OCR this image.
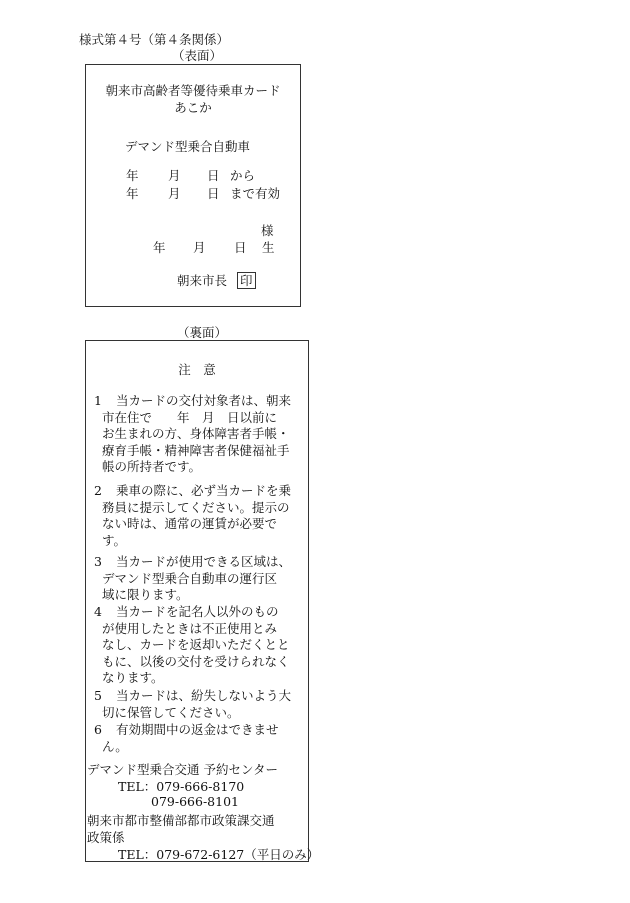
様式第４号（第４条関係）
（表面）
朝来市高齢者等優待乗車カード
あこか
デマンド型乗合自動車
年 月 日 から
年 月 日 まで有効
様
年 月 日 生
朝来市長 印
（裏面）
注　意
1 当カードの交付対象者は、朝来
市在住で　　年　月　日以前に
お生まれの方、身体障害者手帳・
療育手帳・精神障害者保健福祉手
帳の所持者です。
2 乗車の際に、必ず当カードを乗
務員に提示してください。提示の
ない時は、通常の運賃が必要で
す。
3 当カードが使用できる区域は、
デマンド型乗合自動車の運行区
域に限ります。
4 当カードを記名人以外のもの
が使用したときは不正使用とみ
なし、カードを返却いただくとと
もに、以後の交付を受けられなく
なります。
5 当カードは、紛失しないよう大
切に保管してください。
6 有効期間中の返金はできませ
ん。
デマンド型乗合交通 予約センター
TEL：079-666-8170
079-666-8101
朝来市都市整備部都市政策課交通
政策係
TEL：079-672-6127（平日のみ）
